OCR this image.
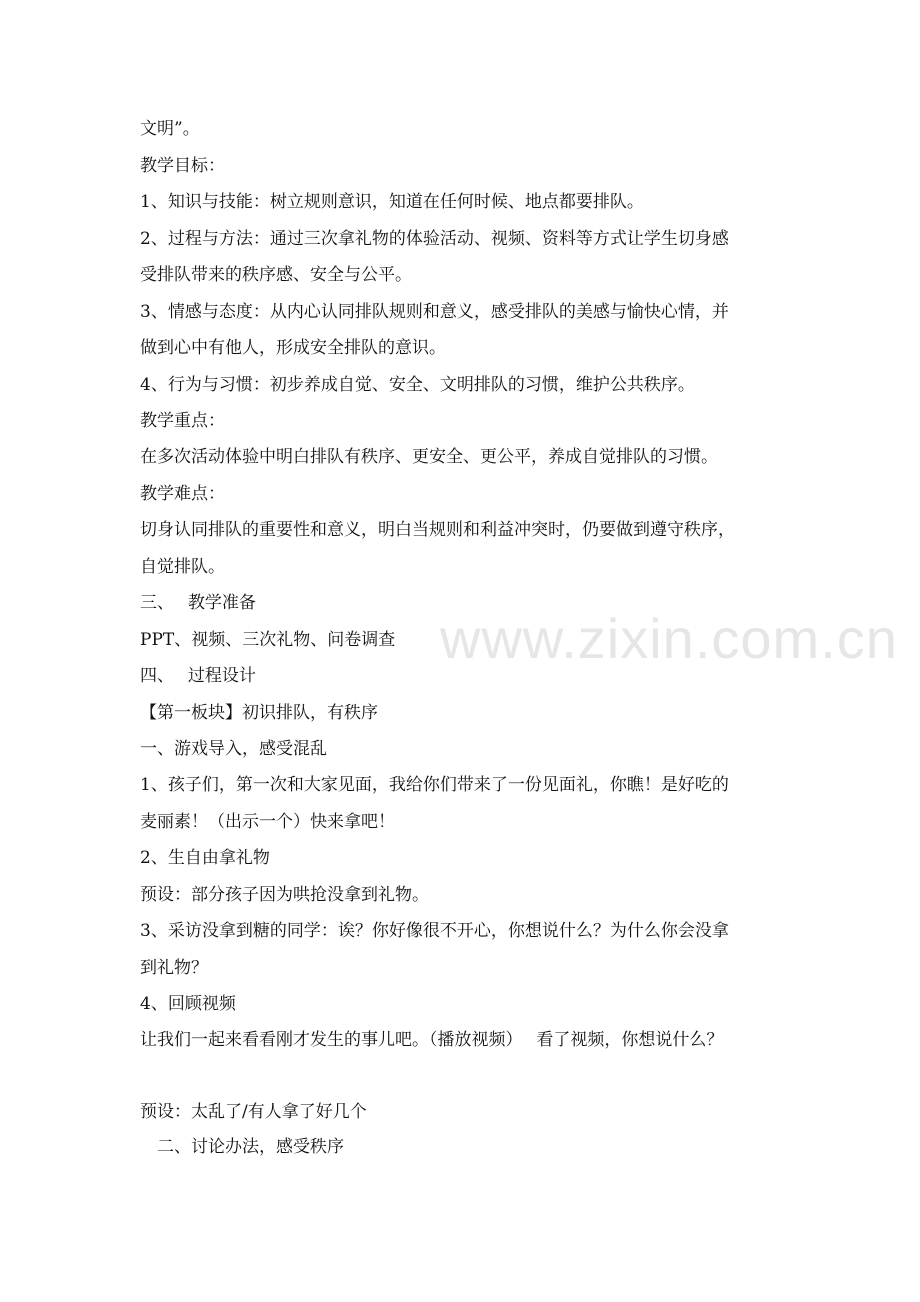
www.zixin.com.cn
文明”。
教学目标：
1、知识与技能：树立规则意识，知道在任何时候、地点都要排队。
2、过程与方法：通过三次拿礼物的体验活动、视频、资料等方式让学生切身感
受排队带来的秩序感、安全与公平。
3、情感与态度：从内心认同排队规则和意义，感受排队的美感与愉快心情，并
做到心中有他人，形成安全排队的意识。
4、行为与习惯：初步养成自觉、安全、文明排队的习惯，维护公共秩序。
教学重点：
在多次活动体验中明白排队有秩序、更安全、更公平，养成自觉排队的习惯。
教学难点：
切身认同排队的重要性和意义，明白当规则和利益冲突时，仍要做到遵守秩序，
自觉排队。
三、　 教学准备
PPT、视频、三次礼物、问卷调查
四、　 过程设计
【第一板块】初识排队，有秩序
一、游戏导入，感受混乱
1、孩子们，第一次和大家见面，我给你们带来了一份见面礼，你瞧！是好吃的
麦丽素！（出示一个）快来拿吧！
2、生自由拿礼物
预设：部分孩子因为哄抢没拿到礼物。
3、采访没拿到糖的同学：诶？你好像很不开心，你想说什么？为什么你会没拿
到礼物？
4、回顾视频
让我们一起来看看刚才发生的事儿吧。（播放视频）　 看了视频，你想说什么？
预设：太乱了/有人拿了好几个
　二、讨论办法，感受秩序
